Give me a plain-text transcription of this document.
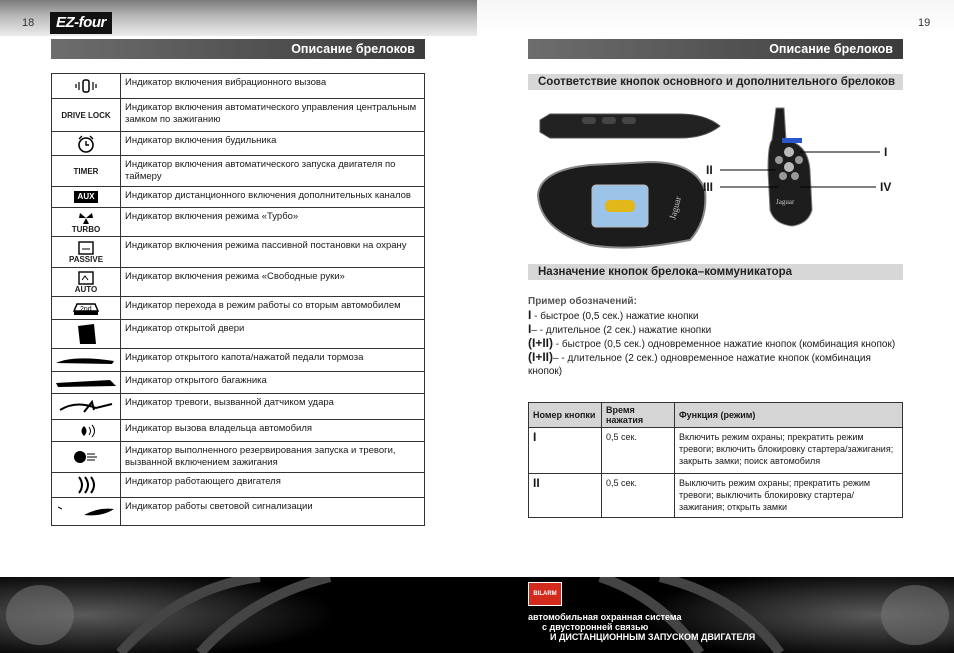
18	19
EZ-four
Описание брелоков
	Индикатор включения вибрационного вызова

DRIVE LOCK	Индикатор включения автоматического управления центральным замком по зажиганию

	Индикатор включения будильника

TIMER	Индикатор включения автоматического запуска двигателя по таймеру

AUX	Индикатор дистанционного включения дополнительных каналов

TURBO	Индикатор включения режима «Турбо»

PASSIVE	Индикатор включения режима пассивной постановки на охрану

AUTO	Индикатор включения режима «Свободные руки»

2nd	Индикатор перехода в режим работы со вторым автомобилем

	Индикатор открытой двери

	Индикатор открытого капота/нажатой педали тормоза

	Индикатор открытого багажника

	Индикатор тревоги, вызванной датчиком удара

	Индикатор вызова владельца автомобиля

	Индикатор выполненного резервирования запуска и тревоги, вызванной включением зажигания

	Индикатор работающего двигателя

	Индикатор работы световой сигнализации
Описание брелоков
Соответствие кнопок основного и дополнительного брелоков
Jaguar	Jaguar
II
III
I
IV
Назначение кнопок брелока–коммуникатора
Пример обозначений:
I - быстрое (0,5 сек.) нажатие кнопки
I– - длительное (2 сек.) нажатие кнопки
(I+II) - быстрое (0,5 сек.) одновременное нажатие кнопок (комбинация кнопок)
(I+II)– - длительное (2 сек.) одновременное нажатие кнопок (комбинация кнопок)
Номер кнопки	Время нажатия	Функция (режим)
I	0,5 сек.	Включить режим охраны; прекратить режим тревоги; включить блокировку стартера/зажигания; закрыть замки; поиск автомобиля
II	0,5 сек.	Выключить режим охраны; прекратить режим тревоги; выключить блокировку стартера/зажигания; открыть замки
BILARM
автомобильная охранная система
с двусторонней связью
И ДИСТАНЦИОННЫМ ЗАПУСКОМ ДВИГАТЕЛЯ
